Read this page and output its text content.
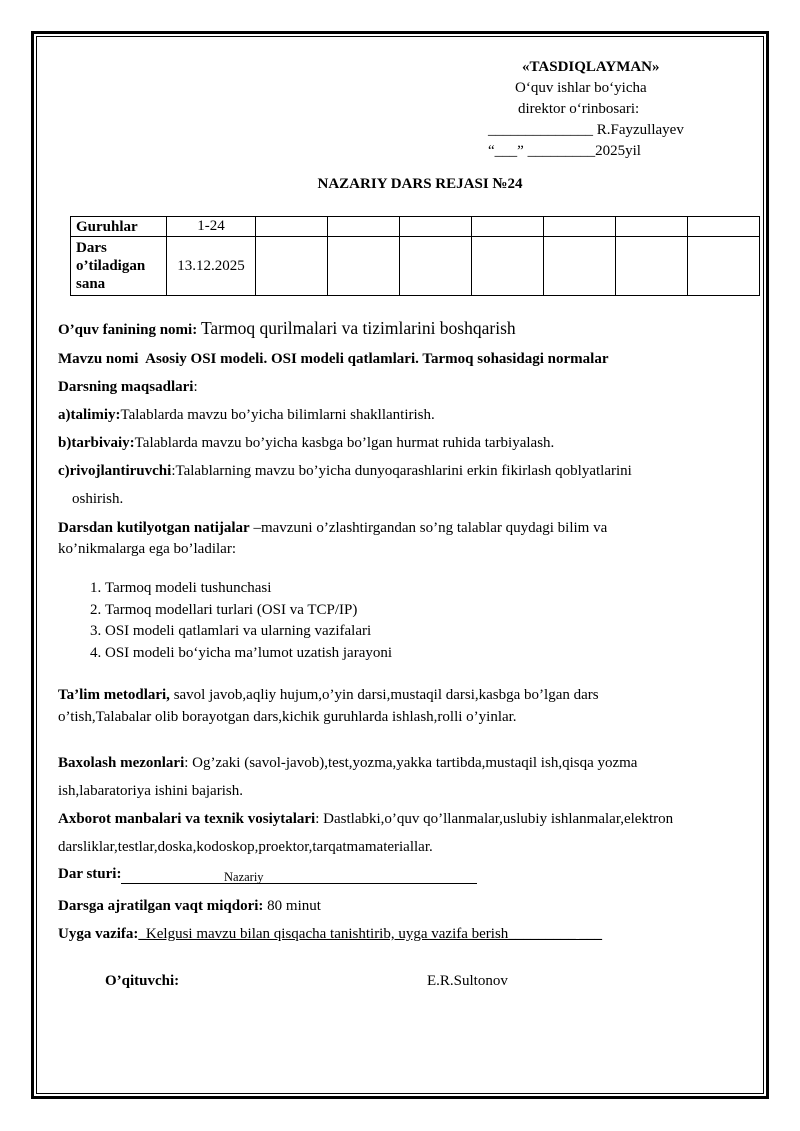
«TASDIQLAYMAN»
O‘quv ishlar bo‘yicha
direktor o‘rinbosari:
______________ R.Fayzullayev
“___” _________2025yil
NAZARIY DARS REJASI №24
Guruhlar	1-24							

Dars
o’tiladigan
sana	13.12.2025							
O’quv fanining nomi: Tarmoq qurilmalari va tizimlarini boshqarish
Mavzu nomi Asosiy OSI modeli. OSI modeli qatlamlari. Tarmoq sohasidagi normalar
Darsning maqsadlari:
a)talimiy:Talablarda mavzu bo’yicha bilimlarni shakllantirish.
b)tarbivaiy:Talablarda mavzu bo’yicha kasbga bo’lgan hurmat ruhida tarbiyalash.
c)rivojlantiruvchi:Talablarning mavzu bo’yicha dunyoqarashlarini erkin fikirlash qoblyatlarini
oshirish.
Darsdan kutilyotgan natijalar –mavzuni o’zlashtirgandan so’ng talablar quydagi bilim va
ko’nikmalarga ega bo’ladilar:
1. Tarmoq modeli tushunchasi
2. Tarmoq modellari turlari (OSI va TCP/IP)
3. OSI modeli qatlamlari va ularning vazifalari
4. OSI modeli bo‘yicha ma’lumot uzatish jarayoni
Ta’lim metodlari, savol javob,aqliy hujum,o’yin darsi,mustaqil darsi,kasbga bo’lgan dars
o’tish,Talabalar olib borayotgan dars,kichik guruhlarda ishlash,rolli o’yinlar.
Baxolash mezonlari: Og’zaki (savol-javob),test,yozma,yakka tartibda,mustaqil ish,qisqa yozma
ish,labaratoriya ishini bajarish.
Axborot manbalari va texnik vosiytalari: Dastlabki,o’quv qo’llanmalar,uslubiy ishlanmalar,elektron
darsliklar,testlar,doska,kodoskop,proektor,tarqatmamateriallar.
Dar sturi:	Nazariy
Darsga ajratilgan vaqt miqdori: 80 minut
Uyga vazifa:_Kelgusi mavzu bilan qisqacha tanishtirib, uyga vazifa berish_________ ___
O’qituvchi:	E.R.Sultonov
